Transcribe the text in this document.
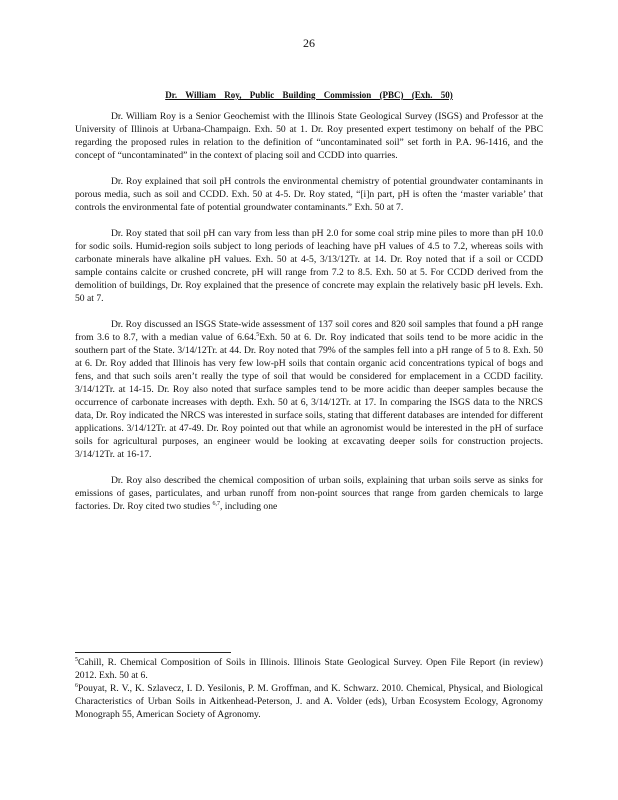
26
Dr. William Roy, Public Building Commission (PBC) (Exh. 50)

Dr. William Roy is a Senior Geochemist with the Illinois State Geological Survey (ISGS) and Professor at the University of Illinois at Urbana-Champaign. Exh. 50 at 1. Dr. Roy presented expert testimony on behalf of the PBC regarding the proposed rules in relation to the definition of “uncontaminated soil” set forth in P.A. 96-1416, and the concept of “uncontaminated” in the context of placing soil and CCDD into quarries.

Dr. Roy explained that soil pH controls the environmental chemistry of potential groundwater contaminants in porous media, such as soil and CCDD. Exh. 50 at 4-5. Dr. Roy stated, “[i]n part, pH is often the ‘master variable’ that controls the environmental fate of potential groundwater contaminants.” Exh. 50 at 7.

Dr. Roy stated that soil pH can vary from less than pH 2.0 for some coal strip mine piles to more than pH 10.0 for sodic soils. Humid-region soils subject to long periods of leaching have pH values of 4.5 to 7.2, whereas soils with carbonate minerals have alkaline pH values. Exh. 50 at 4-5, 3/13/12Tr. at 14. Dr. Roy noted that if a soil or CCDD sample contains calcite or crushed concrete, pH will range from 7.2 to 8.5. Exh. 50 at 5. For CCDD derived from the demolition of buildings, Dr. Roy explained that the presence of concrete may explain the relatively basic pH levels. Exh. 50 at 7.

Dr. Roy discussed an ISGS State-wide assessment of 137 soil cores and 820 soil samples that found a pH range from 3.6 to 8.7, with a median value of 6.64.$^5$Exh. 50 at 6. Dr. Roy indicated that soils tend to be more acidic in the southern part of the State. 3/14/12Tr. at 44. Dr. Roy noted that 79% of the samples fell into a pH range of 5 to 8. Exh. 50 at 6. Dr. Roy added that Illinois has very few low-pH soils that contain organic acid concentrations typical of bogs and fens, and that such soils aren’t really the type of soil that would be considered for emplacement in a CCDD facility. 3/14/12Tr. at 14-15. Dr. Roy also noted that surface samples tend to be more acidic than deeper samples because the occurrence of carbonate increases with depth. Exh. 50 at 6, 3/14/12Tr. at 17. In comparing the ISGS data to the NRCS data, Dr. Roy indicated the NRCS was interested in surface soils, stating that different databases are intended for different applications. 3/14/12Tr. at 47-49. Dr. Roy pointed out that while an agronomist would be interested in the pH of surface soils for agricultural purposes, an engineer would be looking at excavating deeper soils for construction projects. 3/14/12Tr. at 16-17.

Dr. Roy also described the chemical composition of urban soils, explaining that urban soils serve as sinks for emissions of gases, particulates, and urban runoff from non-point sources that range from garden chemicals to large factories. Dr. Roy cited two studies $^{6,7}$, including one

$^5$Cahill, R. Chemical Composition of Soils in Illinois. Illinois State Geological Survey. Open File Report (in review) 2012. Exh. 50 at 6.

$^6$Pouyat, R. V., K. Szlavecz, I. D. Yesilonis, P. M. Groffman, and K. Schwarz. 2010. Chemical, Physical, and Biological Characteristics of Urban Soils in Aitkenhead-Peterson, J. and A. Volder (eds), Urban Ecosystem Ecology, Agronomy Monograph 55, American Society of Agronomy.
